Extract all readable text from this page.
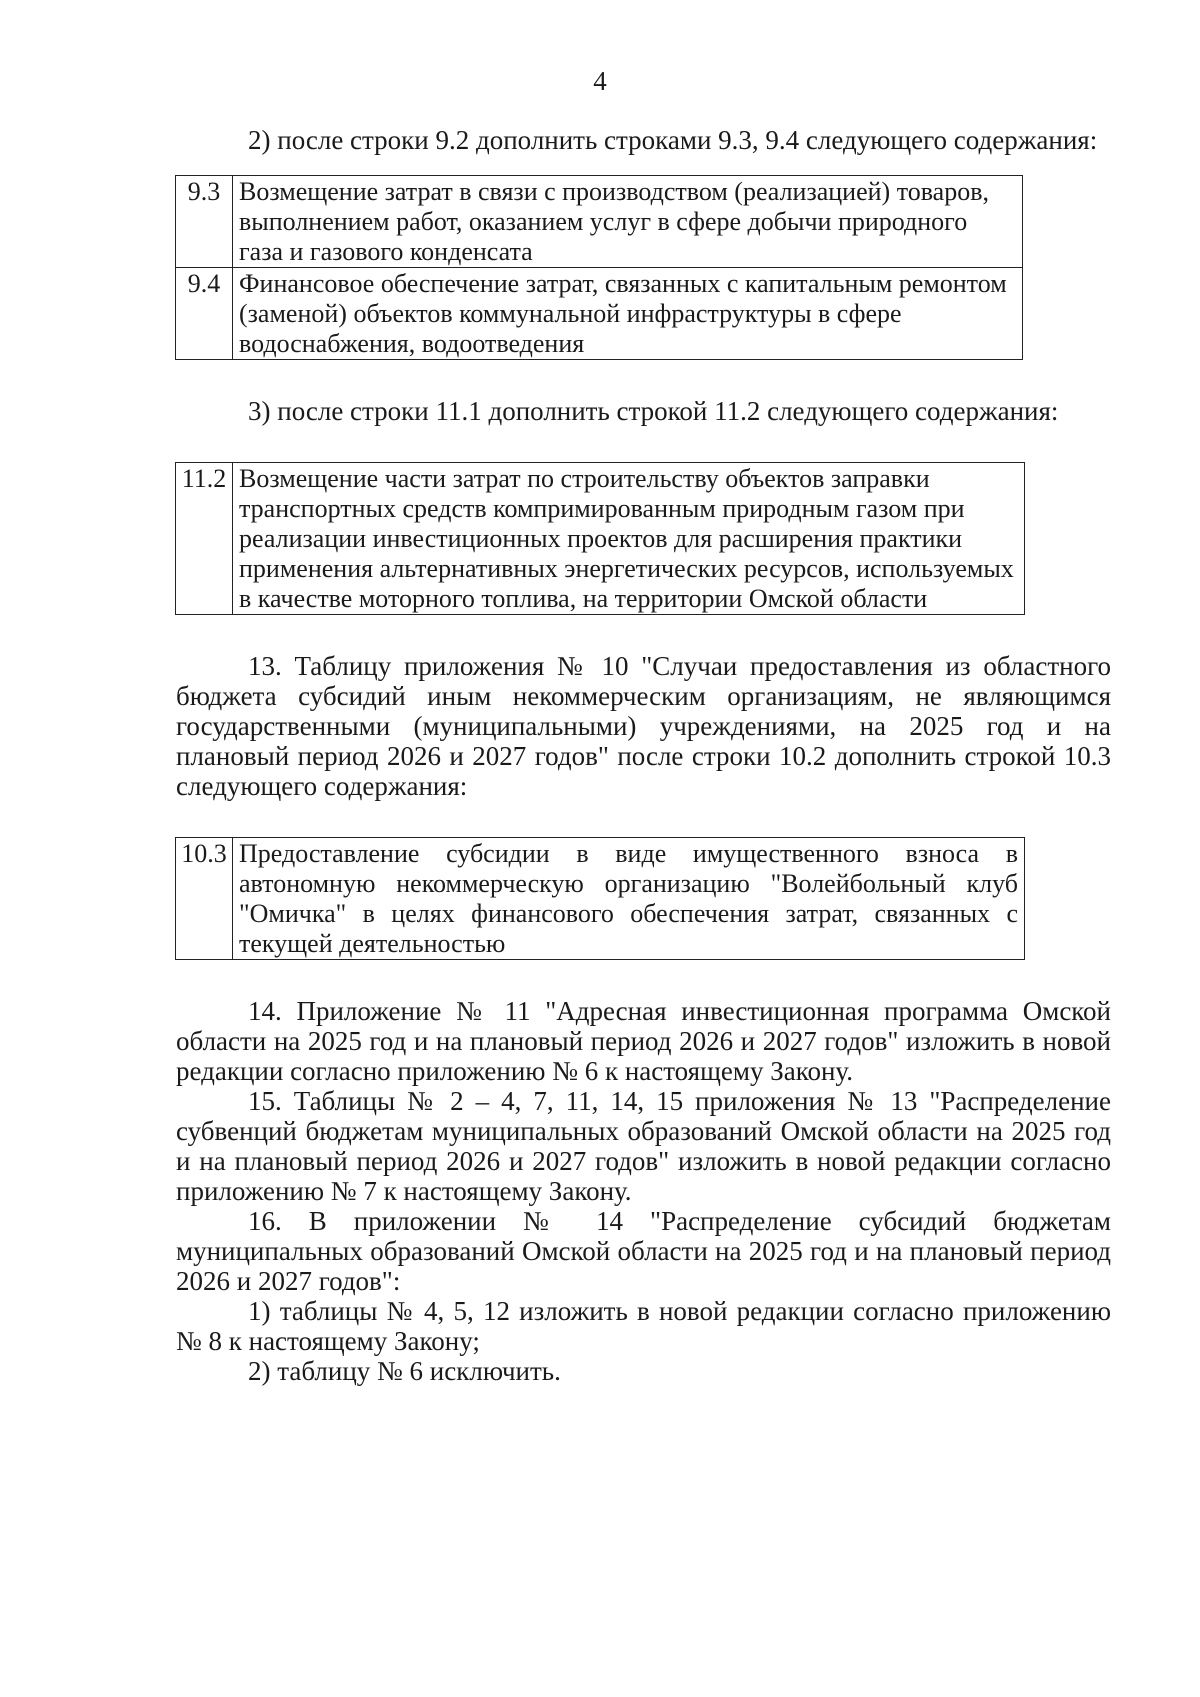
4

2) после строки 9.2 дополнить строками 9.3, 9.4 следующего содержания:

9.3	Возмещение затрат в связи с производством (реализацией) товаров, выполнением работ, оказанием услуг в сфере добычи природного газа и газового конденсата
9.4	Финансовое обеспечение затрат, связанных с капитальным ремонтом (заменой) объектов коммунальной инфраструктуры в сфере водоснабжения, водоотведения

3) после строки 11.1 дополнить строкой 11.2 следующего содержания:

11.2	Возмещение части затрат по строительству объектов заправки транспортных средств компримированным природным газом при реализации инвестиционных проектов для расширения практики применения альтернативных энергетических ресурсов, используемых в качестве моторного топлива, на территории Омской области

13. Таблицу приложения № 10 "Случаи предоставления из областного бюджета субсидий иным некоммерческим организациям, не являющимся государственными (муниципальными) учреждениями, на 2025 год и на плановый период 2026 и 2027 годов" после строки 10.2 дополнить строкой 10.3 следующего содержания:

10.3	Предоставление субсидии в виде имущественного взноса в автономную некоммерческую организацию "Волейбольный клуб "Омичка" в целях финансового обеспечения затрат, связанных с текущей деятельностью

14. Приложение № 11 "Адресная инвестиционная программа Омской области на 2025 год и на плановый период 2026 и 2027 годов" изложить в новой редакции согласно приложению № 6 к настоящему Закону.

15. Таблицы № 2 – 4, 7, 11, 14, 15 приложения № 13 "Распределение субвенций бюджетам муниципальных образований Омской области на 2025 год и на плановый период 2026 и 2027 годов" изложить в новой редакции согласно приложению № 7 к настоящему Закону.

16. В приложении № 14 "Распределение субсидий бюджетам муниципальных образований Омской области на 2025 год и на плановый период 2026 и 2027 годов":

1) таблицы № 4, 5, 12 изложить в новой редакции согласно приложению № 8 к настоящему Закону;

2) таблицу № 6 исключить.
